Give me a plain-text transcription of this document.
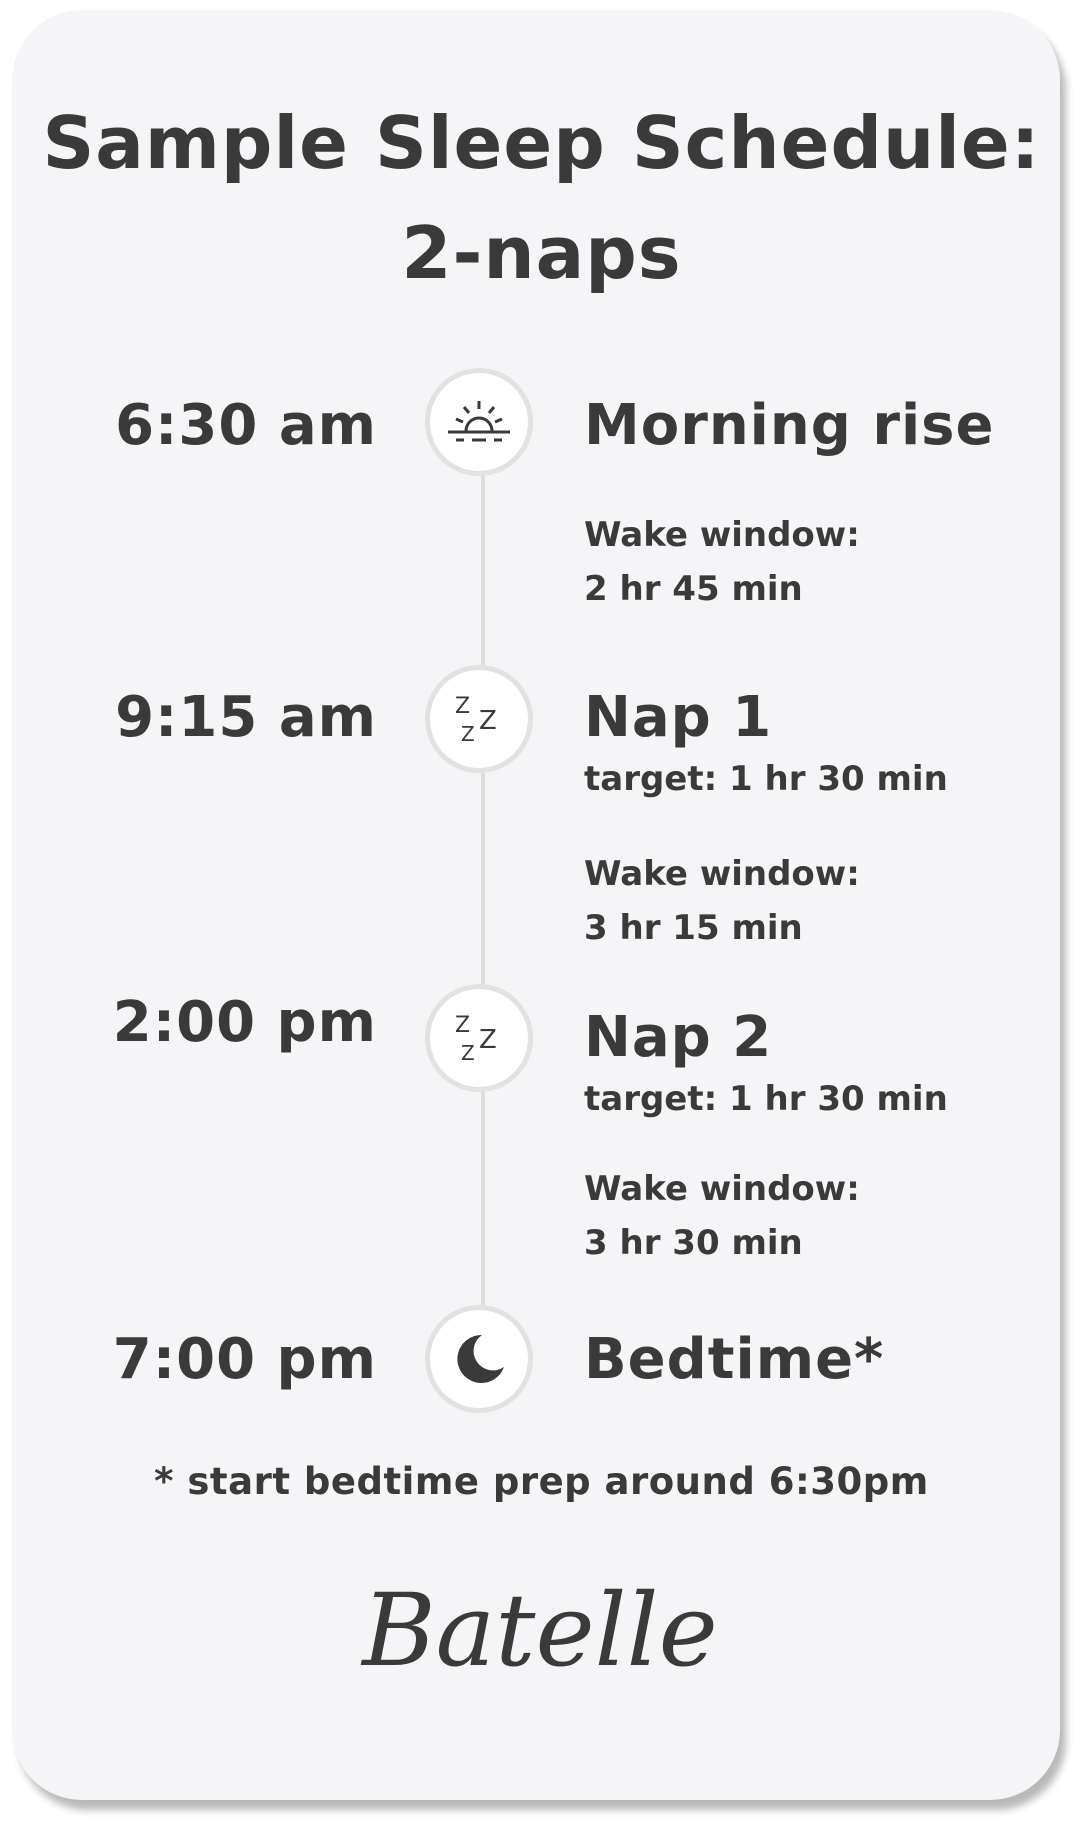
Sample Sleep Schedule:
2-naps
6:30 am	Morning rise
Wake window:
2 hr 45 min
9:15 am	Z Z
Z Nap 1
target: 1 hr 30 min
Wake window:
3 hr 15 min
2:00 pm	Z Z
Z Nap 2
target: 1 hr 30 min
Wake window:
3 hr 30 min
7:00 pm	Bedtime*
* start bedtime prep around 6:30pm
Batelle
